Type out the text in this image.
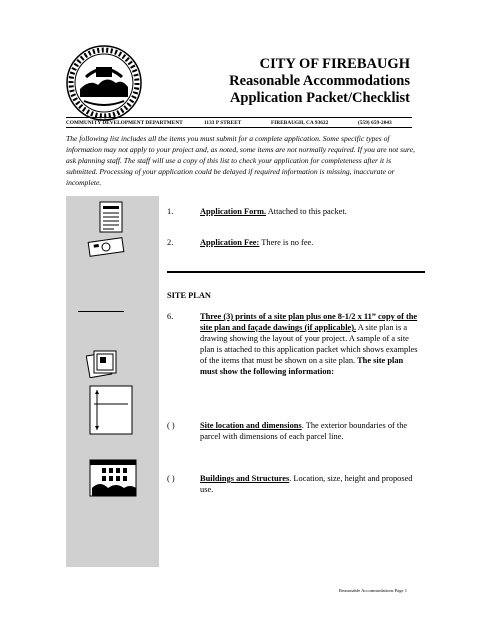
CITY OF FIREBAUGH
Reasonable Accommodations
Application Packet/Checklist
COMMUNITY DEVELOPMENT DEPARTMENT	1133 P STREET	FIREBAUGH, CA 93622	(559) 659-2043
The following list includes all the items you must submit for a complete application. Some specific types of information may not apply to your project and, as noted, some items are not normally required. If you are not sure, ask planning staff. The staff will use a copy of this list to check your application for completeness after it is submitted. Processing of your application could be delayed if required information is missing, inaccurate or incomplete.
1.	Application Form. Attached to this packet.
2.	Application Fee: There is no fee.
SITE PLAN
6.	Three (3) prints of a site plan plus one 8-1/2 x 11” copy of the site plan and façade dawings (if applicable). A site plan is a drawing showing the layout of your project. A sample of a site plan is attached to this application packet which shows examples of the items that must be shown on a site plan. The site plan must show the following information:
( )	Site location and dimensions. The exterior boundaries of the parcel with dimensions of each parcel line.
( )	Buildings and Structures. Location, size, height and proposed use.
Reasonable Accommodations Page 1
